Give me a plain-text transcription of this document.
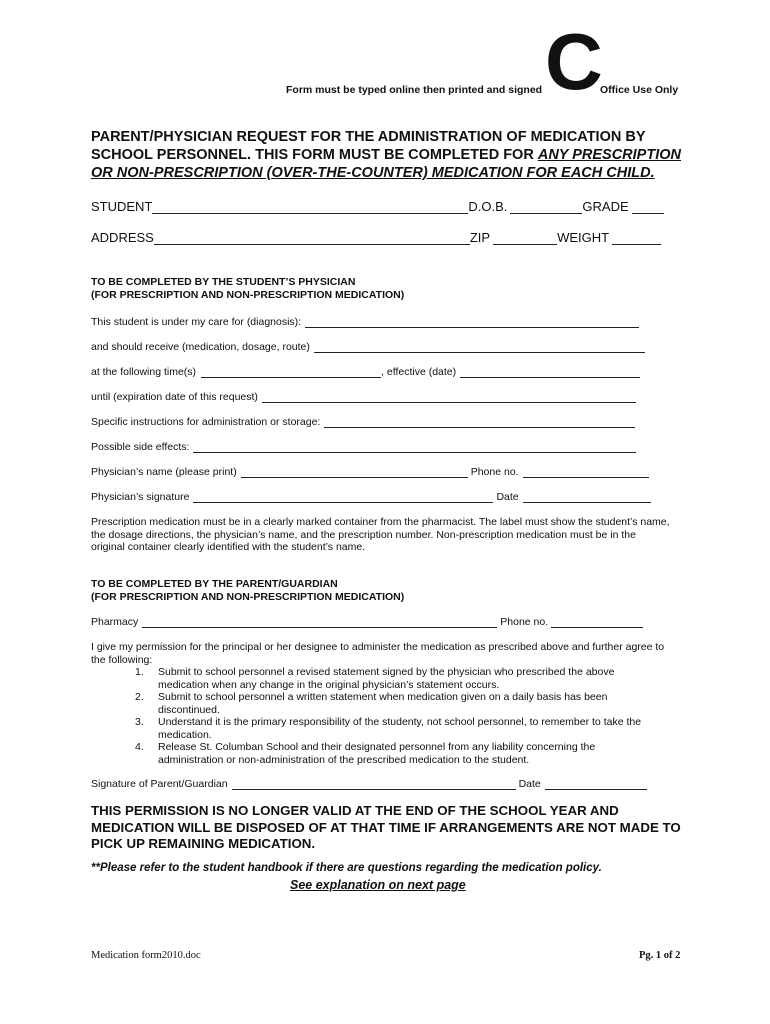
Form must be typed online then printed and signed C Office Use Only
PARENT/PHYSICIAN REQUEST FOR THE ADMINISTRATION OF MEDICATION BY
SCHOOL PERSONNEL. THIS FORM MUST BE COMPLETED FOR ANY PRESCRIPTION
OR NON-PRESCRIPTION (OVER-THE-COUNTER) MEDICATION FOR EACH CHILD.
STUDENT	D.O.B.	GRADE
ADDRESS	ZIP	WEIGHT
TO BE COMPLETED BY THE STUDENT’S PHYSICIAN
(FOR PRESCRIPTION AND NON-PRESCRIPTION MEDICATION)
This student is under my care for (diagnosis):
and should receive (medication, dosage, route)
at the following time(s)	, effective (date)
until (expiration date of this request)
Specific instructions for administration or storage:
Possible side effects:
Physician’s name (please print)	Phone no.
Physician’s signature	Date
Prescription medication must be in a clearly marked container from the pharmacist. The label must show the student’s name, the dosage directions, the physician’s name, and the prescription number. Non-prescription medication must be in the original container clearly identified with the student’s name.
TO BE COMPLETED BY THE PARENT/GUARDIAN
(FOR PRESCRIPTION AND NON-PRESCRIPTION MEDICATION)
Pharmacy	Phone no.
I give my permission for the principal or her designee to administer the medication as prescribed above and further agree to the following:
1. Submit to school personnel a revised statement signed by the physician who prescribed the above medication when any change in the original physician’s statement occurs.
2. Submit to school personnel a written statement when medication given on a daily basis has been discontinued.
3. Understand it is the primary responsibility of the studenty, not school personnel, to remember to take the medication.
4. Release St. Columban School and their designated personnel from any liability concerning the administration or non-administration of the prescribed medication to the student.
Signature of Parent/Guardian	Date
THIS PERMISSION IS NO LONGER VALID AT THE END OF THE SCHOOL YEAR AND
MEDICATION WILL BE DISPOSED OF AT THAT TIME IF ARRANGEMENTS ARE NOT MADE TO
PICK UP REMAINING MEDICATION.
**Please refer to the student handbook if there are questions regarding the medication policy.
See explanation on next page
Medication form2010.doc	Pg. 1 of 2
